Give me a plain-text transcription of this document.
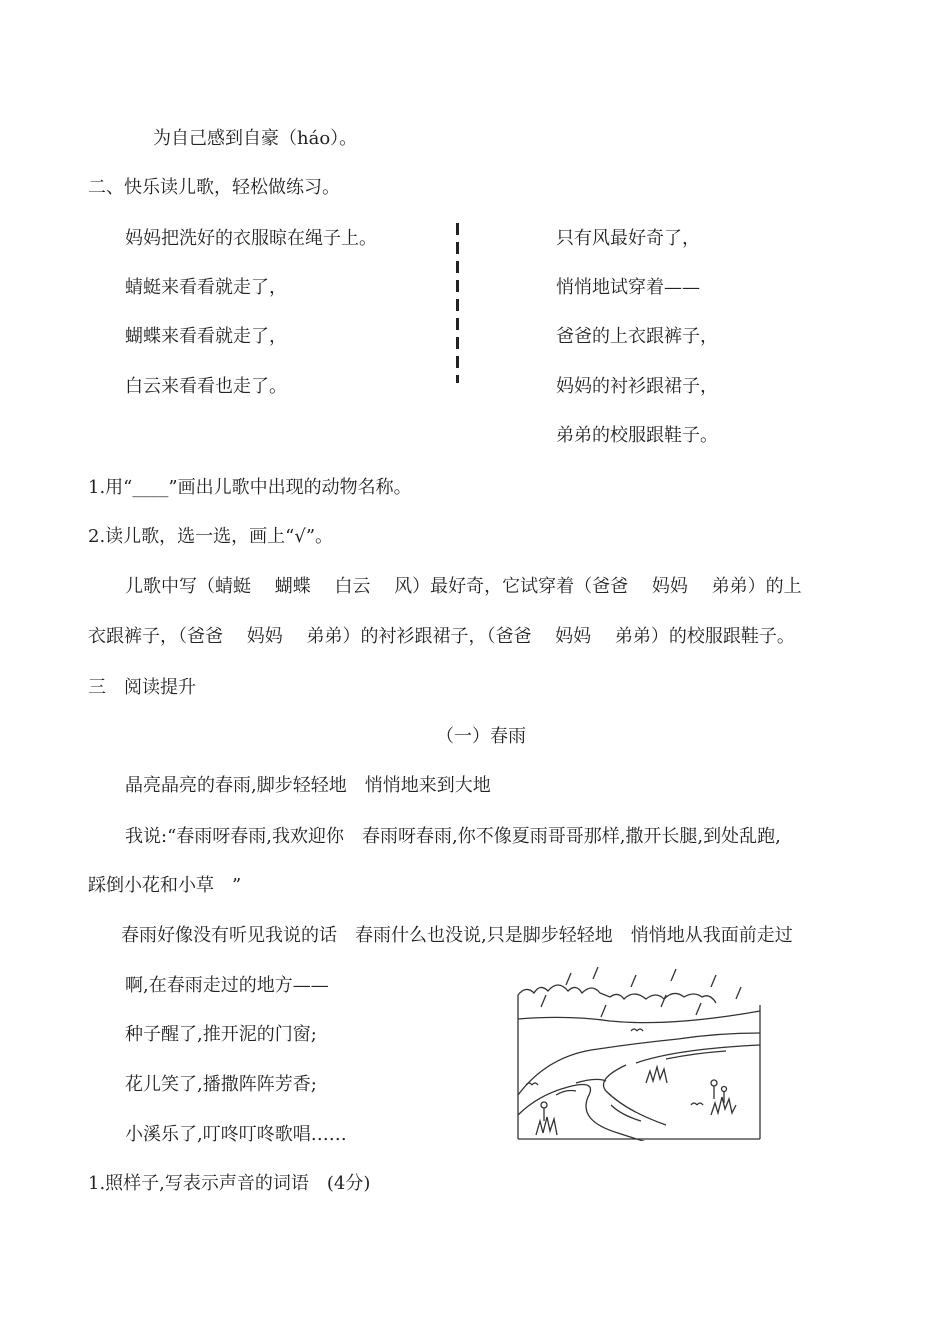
为自己感到自豪（háo）。
二、快乐读儿歌，轻松做练习。
妈妈把洗好的衣服晾在绳子上。
蜻蜓来看看就走了，
蝴蝶来看看就走了，
白云来看看也走了。
只有风最好奇了，
悄悄地试穿着——
爸爸的上衣跟裤子，
妈妈的衬衫跟裙子，
弟弟的校服跟鞋子。
1.用“____”画出儿歌中出现的动物名称。
2.读儿歌，选一选，画上“√”。
儿歌中写（蜻蜓　 蝴蝶　 白云　 风）最好奇，它试穿着（爸爸　 妈妈　 弟弟）的上
衣跟裤子，（爸爸　 妈妈　 弟弟）的衬衫跟裙子，（爸爸　 妈妈　 弟弟）的校服跟鞋子。
三　阅读提升
（一）春雨
晶亮晶亮的春雨,脚步轻轻地　悄悄地来到大地
我说:“春雨呀春雨,我欢迎你　春雨呀春雨,你不像夏雨哥哥那样,撒开长腿,到处乱跑,
踩倒小花和小草　”
春雨好像没有听见我说的话　春雨什么也没说,只是脚步轻轻地　悄悄地从我面前走过
啊,在春雨走过的地方——
种子醒了,推开泥的门窗;
花儿笑了,播撒阵阵芳香;
小溪乐了,叮咚叮咚歌唱……
1.照样子,写表示声音的词语　(4分)
